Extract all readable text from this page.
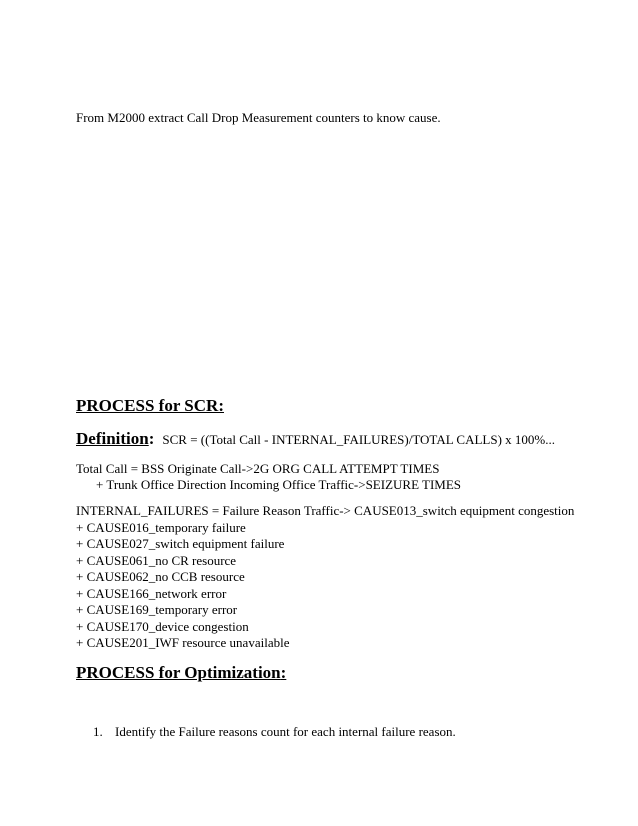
From M2000 extract Call Drop Measurement counters to know cause.
PROCESS for SCR:
Definition: SCR = ((Total Call - INTERNAL_FAILURES)/TOTAL CALLS) x 100%...
Total Call = BSS Originate Call->2G ORG CALL ATTEMPT TIMES
+ Trunk Office Direction Incoming Office Traffic->SEIZURE TIMES
INTERNAL_FAILURES = Failure Reason Traffic-> CAUSE013_switch equipment congestion
+ CAUSE016_temporary failure
+ CAUSE027_switch equipment failure
+ CAUSE061_no CR resource
+ CAUSE062_no CCB resource
+ CAUSE166_network error
+ CAUSE169_temporary error
+ CAUSE170_device congestion
+ CAUSE201_IWF resource unavailable
PROCESS for Optimization:
1. Identify the Failure reasons count for each internal failure reason.
